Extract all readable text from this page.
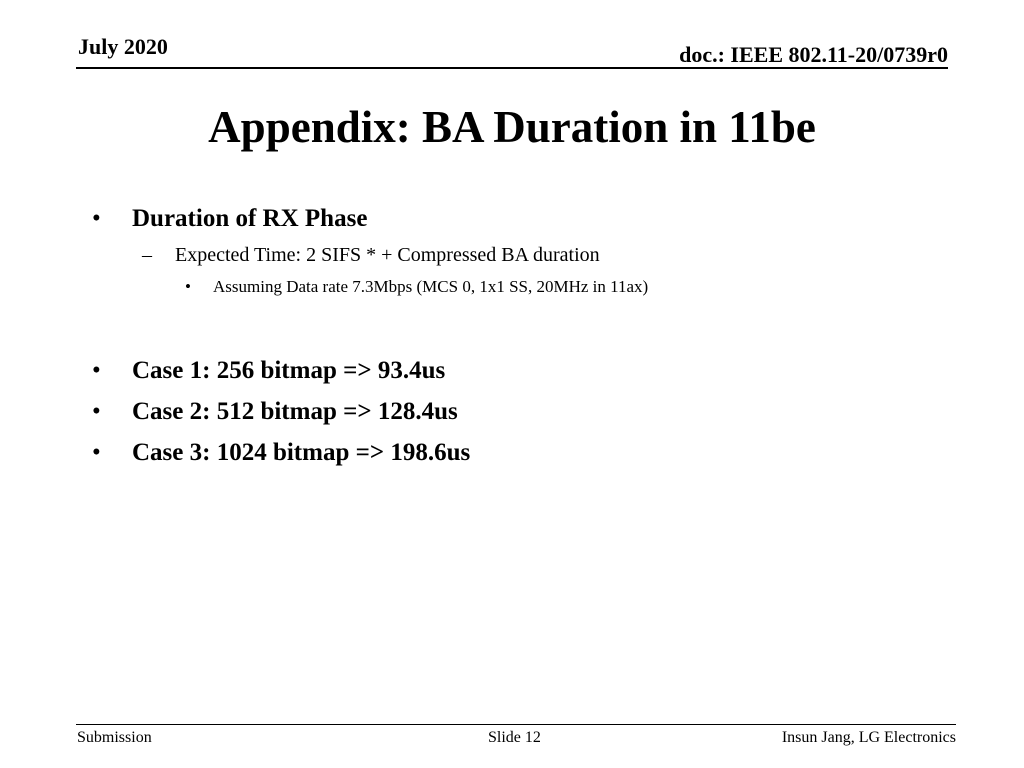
July 2020	doc.: IEEE 802.11-20/0739r0
Appendix: BA Duration in 11be
•	Duration of RX Phase
–	Expected Time: 2 SIFS * + Compressed BA duration
•	Assuming Data rate 7.3Mbps (MCS 0, 1x1 SS, 20MHz in 11ax)
•	Case 1: 256 bitmap => 93.4us
•	Case 2: 512 bitmap => 128.4us
•	Case 3: 1024 bitmap => 198.6us
Submission	Slide 12	Insun Jang, LG Electronics
